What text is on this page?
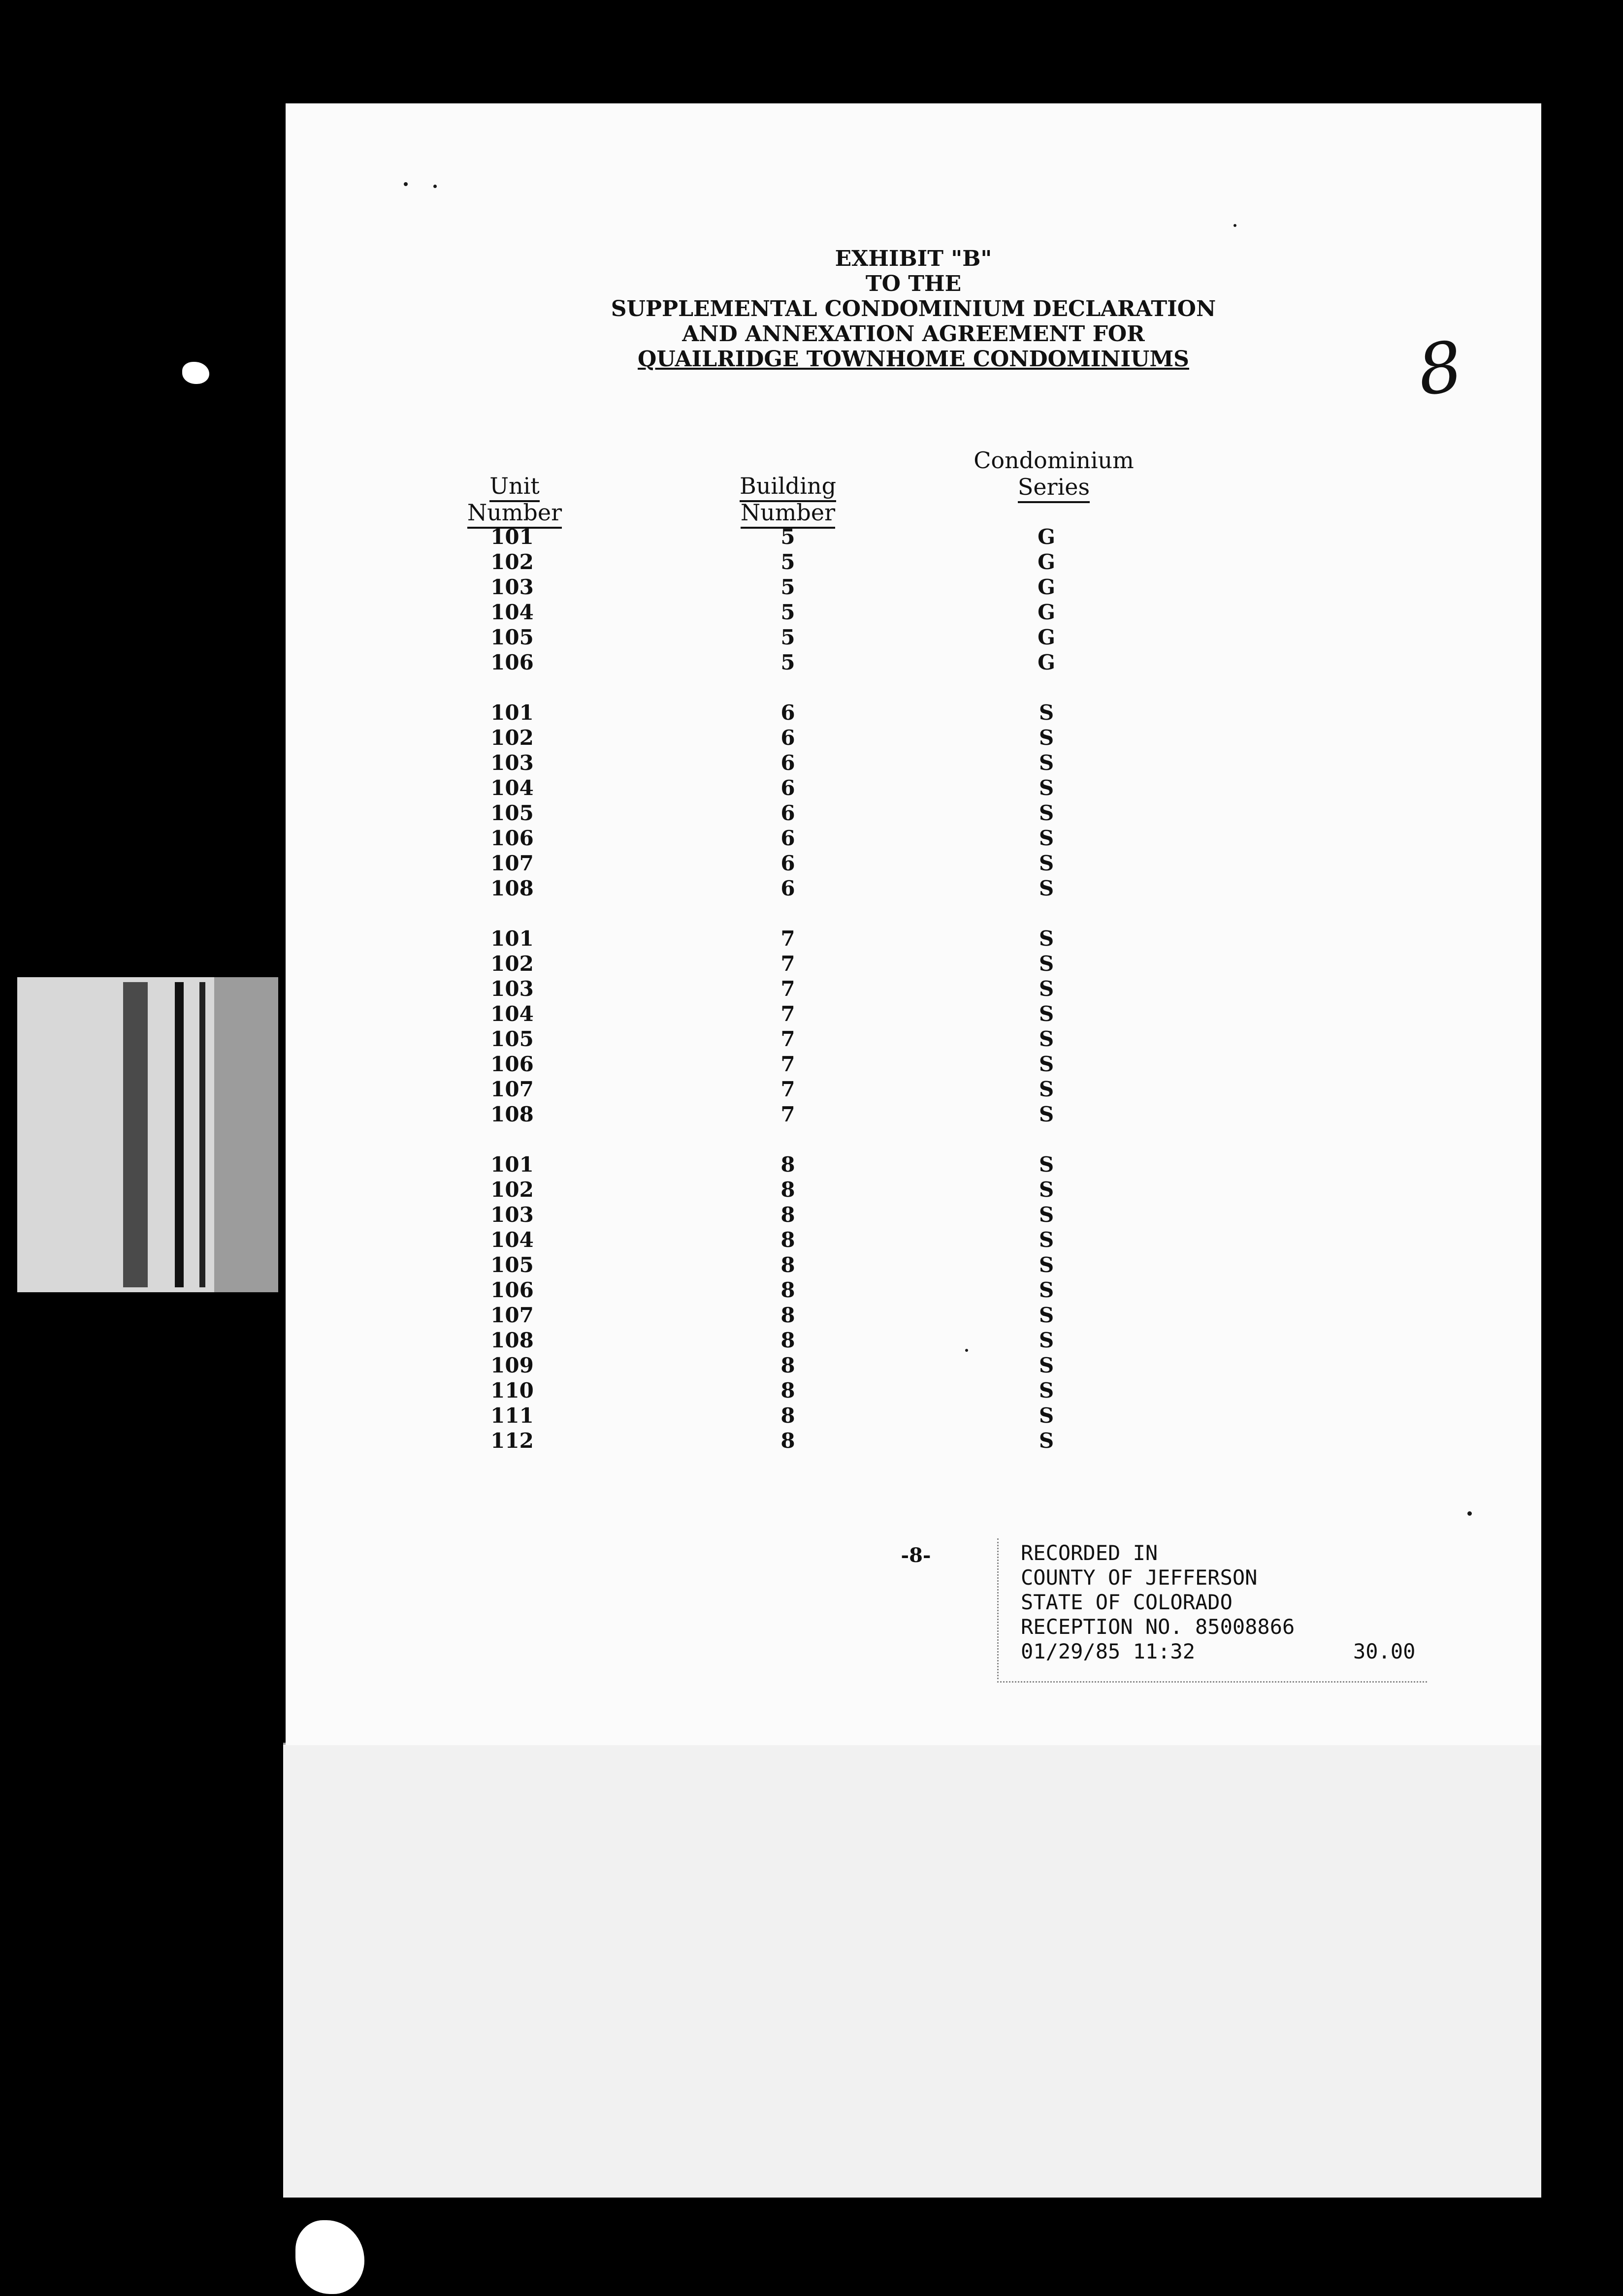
EXHIBIT "B"
TO THE
SUPPLEMENTAL CONDOMINIUM DECLARATION
AND ANNEXATION AGREEMENT FOR
QUAILRIDGE TOWNHOME CONDOMINIUMS	8
Unit Number
Building Number
Condominium
Series
101	5	G
102	5	G
103	5	G
104	5	G
105	5	G
106	5	G
101	6	S
102	6	S
103	6	S
104	6	S
105	6	S
106	6	S
107	6	S
108	6	S
101	7	S
102	7	S
103	7	S
104	7	S
105	7	S
106	7	S
107	7	S
108	7	S
101	8	S
102	8	S
103	8	S
104	8	S
105	8	S
106	8	S
107	8	S
108	8	S
109	8	S
110	8	S
111	8	S
112	8	S
-8-	RECORDED IN
COUNTY OF JEFFERSON
STATE OF COLORADO
RECEPTION NO. 85008866
01/29/85 11:32	30.00
